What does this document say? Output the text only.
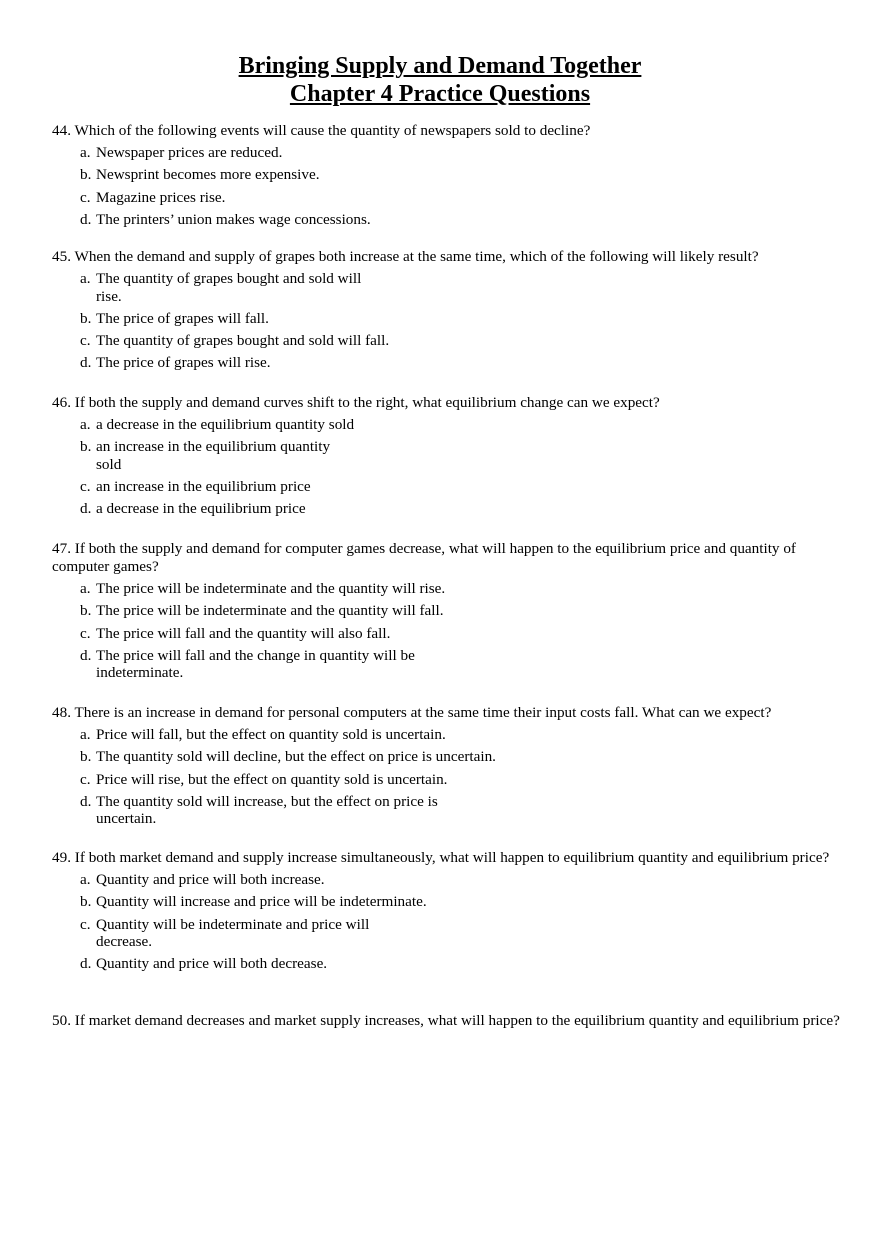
Bringing Supply and Demand Together
Chapter 4 Practice Questions

44. Which of the following events will cause the quantity of newspapers sold to decline?

a. Newspaper prices are reduced.
b. Newsprint becomes more expensive.
c. Magazine prices rise.
d. The printers’ union makes wage concessions.

45. When the demand and supply of grapes both increase at the same time, which of the following will likely result?

a. The quantity of grapes bought and sold will rise.
b. The price of grapes will fall.
c. The quantity of grapes bought and sold will fall.
d. The price of grapes will rise.

46. If both the supply and demand curves shift to the right, what equilibrium change can we expect?

a. a decrease in the equilibrium quantity sold
b. an increase in the equilibrium quantity sold
c. an increase in the equilibrium price
d. a decrease in the equilibrium price

47. If both the supply and demand for computer games decrease, what will happen to the equilibrium price and quantity of computer games?

a. The price will be indeterminate and the quantity will rise.
b. The price will be indeterminate and the quantity will fall.
c. The price will fall and the quantity will also fall.
d. The price will fall and the change in quantity will be indeterminate.

48. There is an increase in demand for personal computers at the same time their input costs fall. What can we expect?

a. Price will fall, but the effect on quantity sold is uncertain.
b. The quantity sold will decline, but the effect on price is uncertain.
c. Price will rise, but the effect on quantity sold is uncertain.
d. The quantity sold will increase, but the effect on price is uncertain.

49. If both market demand and supply increase simultaneously, what will happen to equilibrium quantity and equilibrium price?

a. Quantity and price will both increase.
b. Quantity will increase and price will be indeterminate.
c. Quantity will be indeterminate and price will decrease.
d. Quantity and price will both decrease.

50. If market demand decreases and market supply increases, what will happen to the equilibrium quantity and equilibrium price?
